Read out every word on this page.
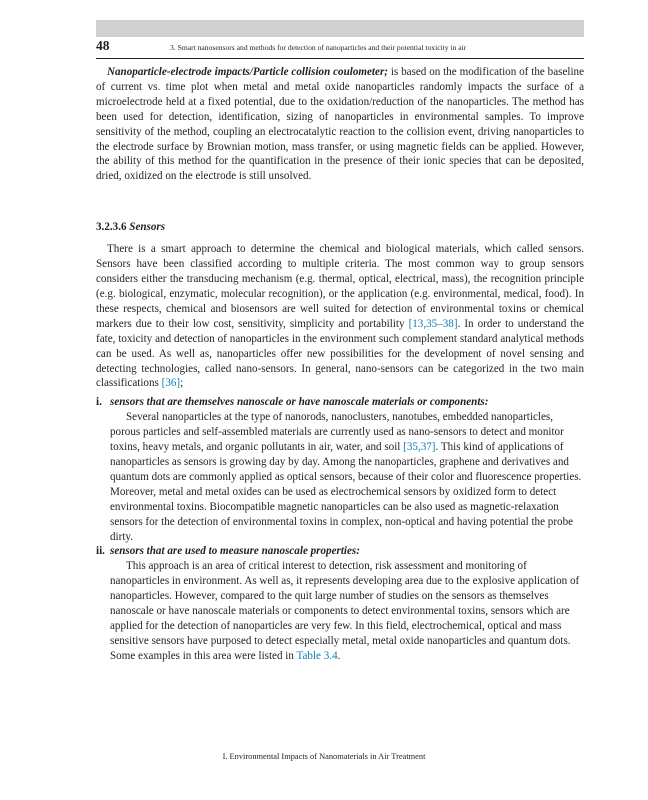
48	3. Smart nanosensors and methods for detection of nanoparticles and their potential toxicity in air

Nanoparticle-electrode impacts/Particle collision coulometer; is based on the modification of the baseline of current vs. time plot when metal and metal oxide nanoparticles randomly impacts the surface of a microelectrode held at a fixed potential, due to the oxidation/reduction of the nanoparticles. The method has been used for detection, identification, sizing of nanoparticles in environmental samples. To improve sensitivity of the method, coupling an electrocatalytic reaction to the collision event, driving nanoparticles to the electrode surface by Brownian motion, mass transfer, or using magnetic fields can be applied. However, the ability of this method for the quantification in the presence of their ionic species that can be deposited, dried, oxidized on the electrode is still unsolved.

3.2.3.6 Sensors

There is a smart approach to determine the chemical and biological materials, which called sensors. Sensors have been classified according to multiple criteria. The most common way to group sensors considers either the transducing mechanism (e.g. thermal, optical, electrical, mass), the recognition principle (e.g. biological, enzymatic, molecular recognition), or the application (e.g. environmental, medical, food). In these respects, chemical and biosensors are well suited for detection of environmental toxins or chemical markers due to their low cost, sensitivity, simplicity and portability [13,35–38]. In order to understand the fate, toxicity and detection of nanoparticles in the environment such complement standard analytical methods can be used. As well as, nanoparticles offer new possibilities for the development of novel sensing and detecting technologies, called nano-sensors. In general, nano-sensors can be categorized in the two main classifications [36];

i. sensors that are themselves nanoscale or have nanoscale materials or components:

Several nanoparticles at the type of nanorods, nanoclusters, nanotubes, embedded nanoparticles, porous particles and self-assembled materials are currently used as nano-sensors to detect and monitor toxins, heavy metals, and organic pollutants in air, water, and soil [35,37]. This kind of applications of nanoparticles as sensors is growing day by day. Among the nanoparticles, graphene and derivatives and quantum dots are commonly applied as optical sensors, because of their color and fluorescence properties. Moreover, metal and metal oxides can be used as electrochemical sensors by oxidized form to detect environmental toxins. Biocompatible magnetic nanoparticles can be also used as magnetic-relaxation sensors for the detection of environmental toxins in complex, non-optical and having potential the probe dirty.

ii. sensors that are used to measure nanoscale properties:

This approach is an area of critical interest to detection, risk assessment and monitoring of nanoparticles in environment. As well as, it represents developing area due to the explosive application of nanoparticles. However, compared to the quit large number of studies on the sensors as themselves nanoscale or have nanoscale materials or components to detect environmental toxins, sensors which are applied for the detection of nanoparticles are very few. In this field, electrochemical, optical and mass sensitive sensors have purposed to detect especially metal, metal oxide nanoparticles and quantum dots. Some examples in this area were listed in Table 3.4.

I. Environmental Impacts of Nanomaterials in Air Treatment
